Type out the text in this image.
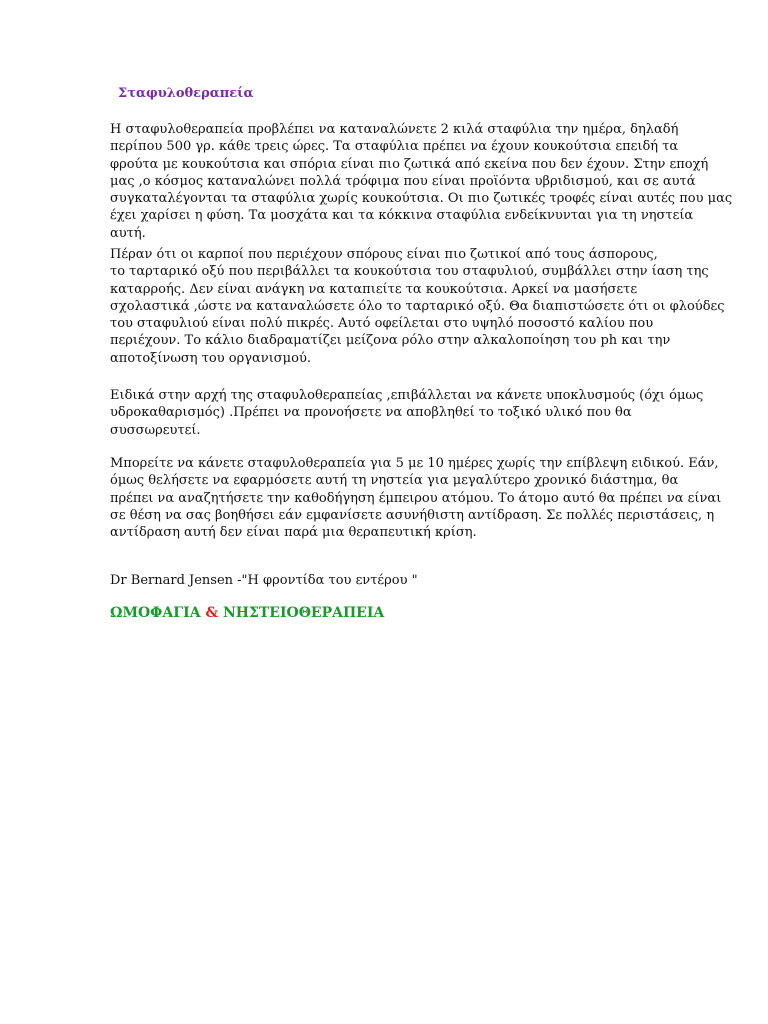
Σταφυλοθεραπεία

Η σταφυλοθεραπεία προβλέπει να καταναλώνετε 2 κιλά σταφύλια την ημέρα, δηλαδή
περίπου 500 γρ. κάθε τρεις ώρες. Τα σταφύλια πρέπει να έχουν κουκούτσια επειδή τα
φρούτα με κουκούτσια και σπόρια είναι πιο ζωτικά από εκείνα που δεν έχουν. Στην εποχή
μας ,ο κόσμος καταναλώνει πολλά τρόφιμα που είναι προϊόντα υβριδισμού, και σε αυτά
συγκαταλέγονται τα σταφύλια χωρίς κουκούτσια. Οι πιο ζωτικές τροφές είναι αυτές που μας
έχει χαρίσει η φύση. Τα μοσχάτα και τα κόκκινα σταφύλια ενδείκνυνται για τη νηστεία
αυτή.

Πέραν ότι οι καρποί που περιέχουν σπόρους είναι πιο ζωτικοί από τους άσπορους,
το ταρταρικό οξύ που περιβάλλει τα κουκούτσια του σταφυλιού, συμβάλλει στην ίαση της
καταρροής. Δεν είναι ανάγκη να καταπιείτε τα κουκούτσια. Αρκεί να μασήσετε
σχολαστικά ,ώστε να καταναλώσετε όλο το ταρταρικό οξύ. Θα διαπιστώσετε ότι οι φλούδες
του σταφυλιού είναι πολύ πικρές. Αυτό οφείλεται στο υψηλό ποσοστό καλίου που
περιέχουν. Το κάλιο διαδραματίζει μείζονα ρόλο στην αλκαλοποίηση του ph και την
αποτοξίνωση του οργανισμού.

Ειδικά στην αρχή της σταφυλοθεραπείας ,επιβάλλεται να κάνετε υποκλυσμούς (όχι όμως
υδροκαθαρισμός) .Πρέπει να προνοήσετε να αποβληθεί το τοξικό υλικό που θα
συσσωρευτεί.

Μπορείτε να κάνετε σταφυλοθεραπεία για 5 με 10 ημέρες χωρίς την επίβλεψη ειδικού. Εάν,
όμως θελήσετε να εφαρμόσετε αυτή τη νηστεία για μεγαλύτερο χρονικό διάστημα, θα
πρέπει να αναζητήσετε την καθοδήγηση έμπειρου ατόμου. Το άτομο αυτό θα πρέπει να είναι
σε θέση να σας βοηθήσει εάν εμφανίσετε ασυνήθιστη αντίδραση. Σε πολλές περιστάσεις, η
αντίδραση αυτή δεν είναι παρά μια θεραπευτική κρίση.

Dr Bernard Jensen -"Η φροντίδα του εντέρου "
ΩΜΟΦΑΓΙΑ & ΝΗΣΤΕΙΟΘΕΡΑΠΕΙΑ
